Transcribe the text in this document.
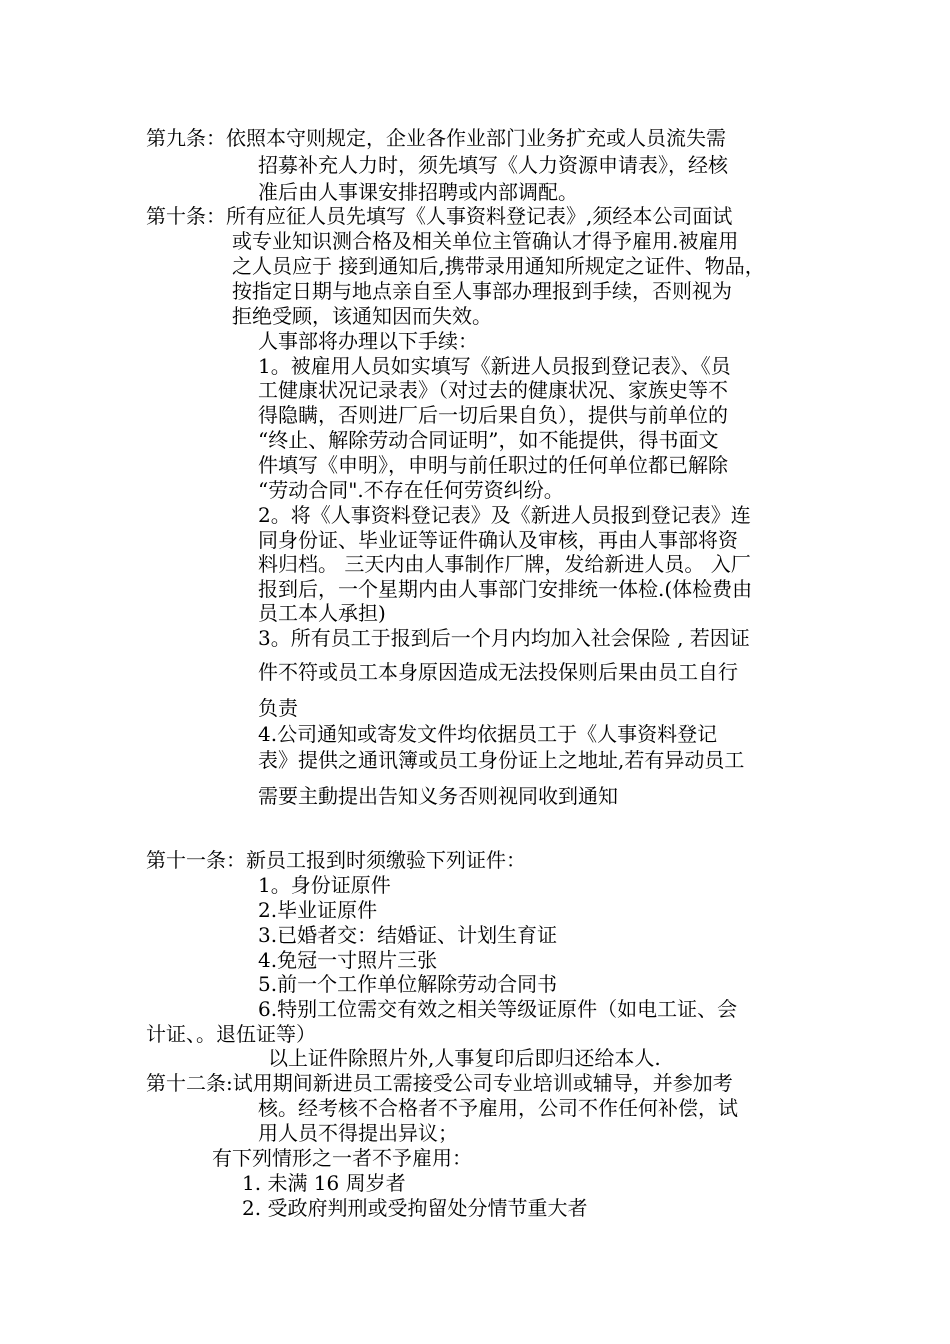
第九条：依照本守则规定，企业各作业部门业务扩充或人员流失需
招募补充人力时，须先填写《人力资源申请表》，经核
准后由人事课安排招聘或内部调配。
第十条：所有应征人员先填写《人事资料登记表》,须经本公司面试
或专业知识测合格及相关单位主管确认才得予雇用.被雇用
之人员应于 接到通知后,携带录用通知所规定之证件、物品，
按指定日期与地点亲自至人事部办理报到手续，否则视为
拒绝受顾，该通知因而失效。
人事部将办理以下手续：
1。被雇用人员如实填写《新进人员报到登记表》、《员
工健康状况记录表》（对过去的健康状况、家族史等不
得隐瞒，否则进厂后一切后果自负），提供与前单位的
“终止、解除劳动合同证明”，如不能提供，得书面文
件填写《申明》，申明与前任职过的任何单位都已解除
“劳动合同".不存在任何劳资纠纷。
2。将《人事资料登记表》及《新进人员报到登记表》连
同身份证、毕业证等证件确认及审核，再由人事部将资
料归档。 三天内由人事制作厂牌，发给新进人员。 入厂
报到后，一个星期内由人事部门安排统一体检.(体检费由
员工本人承担)
3。所有员工于报到后一个月内均加入社会保险 , 若因证
件不符或员工本身原因造成无法投保则后果由员工自行
负责
4.公司通知或寄发文件均依据员工于《人事资料登记
表》提供之通讯簿或员工身份证上之地址,若有异动员工
需要主動提出告知义务否则视同收到通知
第十一条：新员工报到时须缴验下列证件：
1。身份证原件
2.毕业证原件
3.已婚者交：结婚证、计划生育证
4.免冠一寸照片三张
5.前一个工作单位解除劳动合同书
6.特别工位需交有效之相关等级证原件（如电工证、会
计证、。退伍证等）
以上证件除照片外,人事复印后即归还给本人.
第十二条:试用期间新进员工需接受公司专业培训或辅导，并参加考
核。经考核不合格者不予雇用，公司不作任何补偿，试
用人员不得提出异议；
有下列情形之一者不予雇用：
1. 未满 16 周岁者
2. 受政府判刑或受拘留处分情节重大者
